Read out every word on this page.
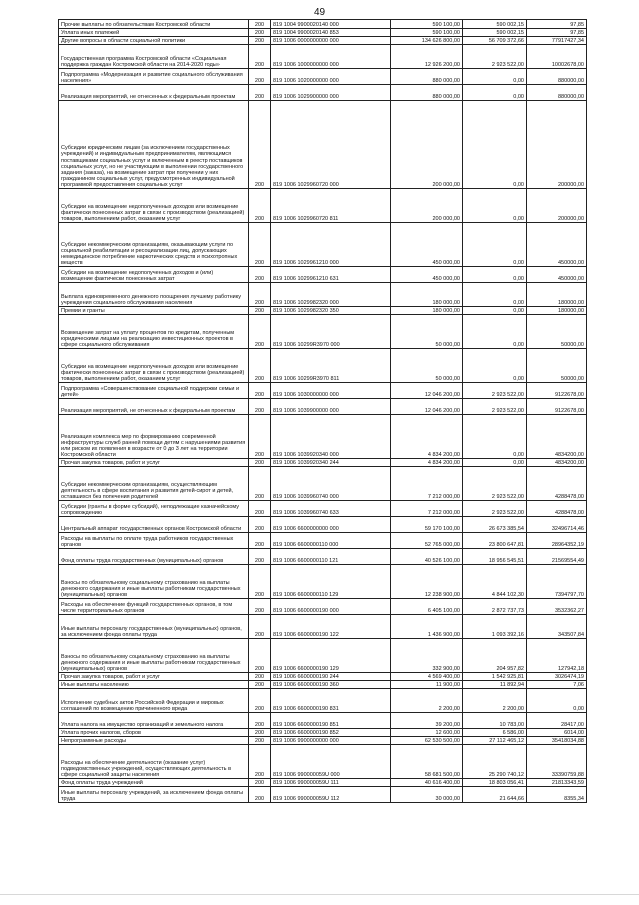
49
Прочие выплаты по обязательствам Костромской области	200	819 1004 9900020140 000	590 100,00	590 002,15	97,85
Уплата иных платежей	200	819 1004 9900020140 853	590 100,00	590 002,15	97,85
Другие вопросы в области социальной политики	200	819 1006 0000000000 000	134 626 800,00	56 709 372,66	77917427,34
Государственная программа Костромской области «Социальная поддержка граждан Костромской области на 2014-2020 годы»	200	819 1006 1000000000 000	12 926 200,00	2 923 522,00	10002678,00
Подпрограмма «Модернизация и развитие социального обслуживания населения»	200	819 1006 1020000000 000	880 000,00	0,00	880000,00
Реализация мероприятий, не отнесенных к федеральным проектам	200	819 1006 1029900000 000	880 000,00	0,00	880000,00
Субсидии юридическим лицам (за исключением государственных учреждений) и индивидуальным предпринимателям, являющимся поставщиками социальных услуг и включенным в реестр поставщиков социальных услуг, но не участвующим в выполнении государственного задания (заказа), на возмещение затрат при получении у них гражданином социальных услуг, предусмотренных индивидуальной программой предоставления социальных услуг	200	819 1006 1029960720 000	200 000,00	0,00	200000,00
Субсидии на возмещение недополученных доходов или возмещение фактически понесенных затрат в связи с производством (реализацией) товаров, выполнением работ, оказанием услуг	200	819 1006 1029960720 811	200 000,00	0,00	200000,00
Субсидии некоммерческим организациям, оказывающим услуги по социальной реабилитации и ресоциализации лиц, допускающих немедицинское потребление наркотических средств и психотропных веществ	200	819 1006 1029961210 000	450 000,00	0,00	450000,00
Субсидии на возмещение недополученных доходов и (или) возмещение фактически понесенных затрат	200	819 1006 1029961210 631	450 000,00	0,00	450000,00
Выплата единовременного денежного поощрения лучшему работнику учреждения социального обслуживания населения	200	819 1006 1029982320 000	180 000,00	0,00	180000,00
Премии и гранты	200	819 1006 1029982320 350	180 000,00	0,00	180000,00
Возмещение затрат на уплату процентов по кредитам, полученным юридическими лицами на реализацию инвестиционных проектов в сфере социального обслуживания	200	819 1006 10299R3970 000	50 000,00	0,00	50000,00
Субсидии на возмещение недополученных доходов или возмещение фактически понесенных затрат в связи с производством (реализацией) товаров, выполнением работ, оказанием услуг	200	819 1006 10299R3970 811	50 000,00	0,00	50000,00
Подпрограмма «Совершенствование социальной поддержки семьи и детей»	200	819 1006 1030000000 000	12 046 200,00	2 923 522,00	9122678,00
Реализация мероприятий, не отнесенных к федеральным проектам	200	819 1006 1039900000 000	12 046 200,00	2 923 522,00	9122678,00
Реализация комплекса мер по формированию современной инфраструктуры служб ранней помощи детям с нарушениями развития или риском их появления в возрасте от 0 до 3 лет на территории Костромской области	200	819 1006 1039920340 000	4 834 200,00	0,00	4834200,00
Прочая закупка товаров, работ и услуг	200	819 1006 1039920340 244	4 834 200,00	0,00	4834200,00
Субсидии некоммерческим организациям, осуществляющим деятельность в сфере воспитания и развития детей-сирот и детей, оставшихся без попечения родителей	200	819 1006 1039960740 000	7 212 000,00	2 923 522,00	4288478,00
Субсидии (гранты в форме субсидий), неподлежащие казначейскому сопровождению	200	819 1006 1039960740 633	7 212 000,00	2 923 522,00	4288478,00
Центральный аппарат государственных органов Костромской области	200	819 1006 6600000000 000	59 170 100,00	26 673 385,54	32496714,46
Расходы на выплаты по оплате труда работников государственных органов	200	819 1006 6600000110 000	52 765 000,00	23 800 647,81	28964352,19
Фонд оплаты труда государственных (муниципальных) органов	200	819 1006 6600000110 121	40 526 100,00	18 956 545,51	21569554,49
Взносы по обязательному социальному страхованию на выплаты денежного содержания и иные выплаты работникам государственных (муниципальных) органов	200	819 1006 6600000110 129	12 238 900,00	4 844 102,30	7394797,70
Расходы на обеспечение функций государственных органов, в том числе территориальных органов	200	819 1006 6600000190 000	6 405 100,00	2 872 737,73	3532362,27
Иные выплаты персоналу государственных (муниципальных) органов, за исключением фонда оплаты труда	200	819 1006 6600000190 122	1 436 900,00	1 093 392,16	343507,84
Взносы по обязательному социальному страхованию на выплаты денежного содержания и иные выплаты работникам государственных (муниципальных) органов	200	819 1006 6600000190 129	332 900,00	204 957,82	127942,18
Прочая закупка товаров, работ и услуг	200	819 1006 6600000190 244	4 569 400,00	1 542 925,81	3026474,19
Иные выплаты населению	200	819 1006 6600000190 360	11 900,00	11 892,94	7,06
Исполнение судебных актов Российской Федерации и мировых соглашений по возмещению причиненного вреда	200	819 1006 6600000190 831	2 200,00	2 200,00	0,00
Уплата налога на имущество организаций и земельного налога	200	819 1006 6600000190 851	39 200,00	10 783,00	28417,00
Уплата прочих налогов, сборов	200	819 1006 6600000190 852	12 600,00	6 586,00	6014,00
Непрограммные расходы	200	819 1006 9900000000 000	62 530 500,00	27 112 465,12	35418034,88
Расходы на обеспечение деятельности (оказание услуг) подведомственных учреждений, осуществляющих деятельность в сфере социальной защиты населения	200	819 1006 990000059U 000	58 681 500,00	25 290 740,12	33390759,88
Фонд оплаты труда учреждений	200	819 1006 990000059U 111	40 616 400,00	18 803 056,41	21813343,59
Иные выплаты персоналу учреждений, за исключением фонда оплаты труда	200	819 1006 990000059U 112	30 000,00	21 644,66	8355,34
